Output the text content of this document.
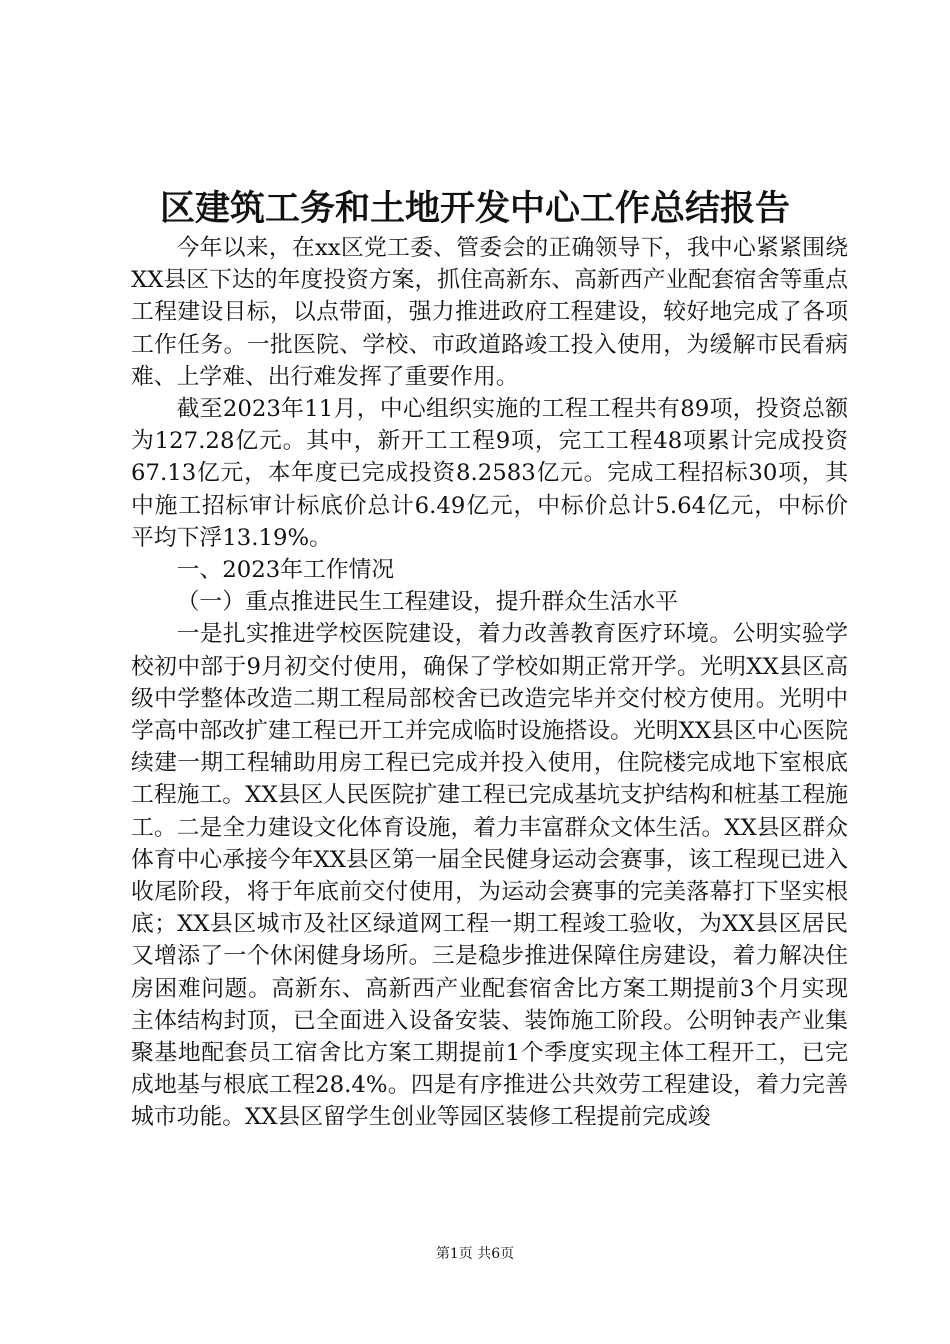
区建筑工务和土地开发中心工作总结报告

今年以来，在xx区党工委、管委会的正确领导下，我中心紧紧围绕XX县区下达的年度投资方案，抓住高新东、高新西产业配套宿舍等重点工程建设目标，以点带面，强力推进政府工程建设，较好地完成了各项工作任务。一批医院、学校、市政道路竣工投入使用，为缓解市民看病难、上学难、出行难发挥了重要作用。

截至2023年11月，中心组织实施的工程工程共有89项，投资总额为127.28亿元。其中，新开工工程9项，完工工程48项累计完成投资67.13亿元，本年度已完成投资8.2583亿元。完成工程招标30项，其中施工招标审计标底价总计6.49亿元，中标价总计5.64亿元，中标价平均下浮13.19%。

一、2023年工作情况

（一）重点推进民生工程建设，提升群众生活水平

一是扎实推进学校医院建设，着力改善教育医疗环境。公明实验学校初中部于9月初交付使用，确保了学校如期正常开学。光明XX县区高级中学整体改造二期工程局部校舍已改造完毕并交付校方使用。光明中学高中部改扩建工程已开工并完成临时设施搭设。光明XX县区中心医院续建一期工程辅助用房工程已完成并投入使用，住院楼完成地下室根底工程施工。XX县区人民医院扩建工程已完成基坑支护结构和桩基工程施工。二是全力建设文化体育设施，着力丰富群众文体生活。XX县区群众体育中心承接今年XX县区第一届全民健身运动会赛事，该工程现已进入收尾阶段，将于年底前交付使用，为运动会赛事的完美落幕打下坚实根底；XX县区城市及社区绿道网工程一期工程竣工验收，为XX县区居民又增添了一个休闲健身场所。三是稳步推进保障住房建设，着力解决住房困难问题。高新东、高新西产业配套宿舍比方案工期提前3个月实现主体结构封顶，已全面进入设备安装、装饰施工阶段。公明钟表产业集聚基地配套员工宿舍比方案工期提前1个季度实现主体工程开工，已完成地基与根底工程28.4%。四是有序推进公共效劳工程建设，着力完善城市功能。XX县区留学生创业等园区装修工程提前完成竣

第1页 共6页
